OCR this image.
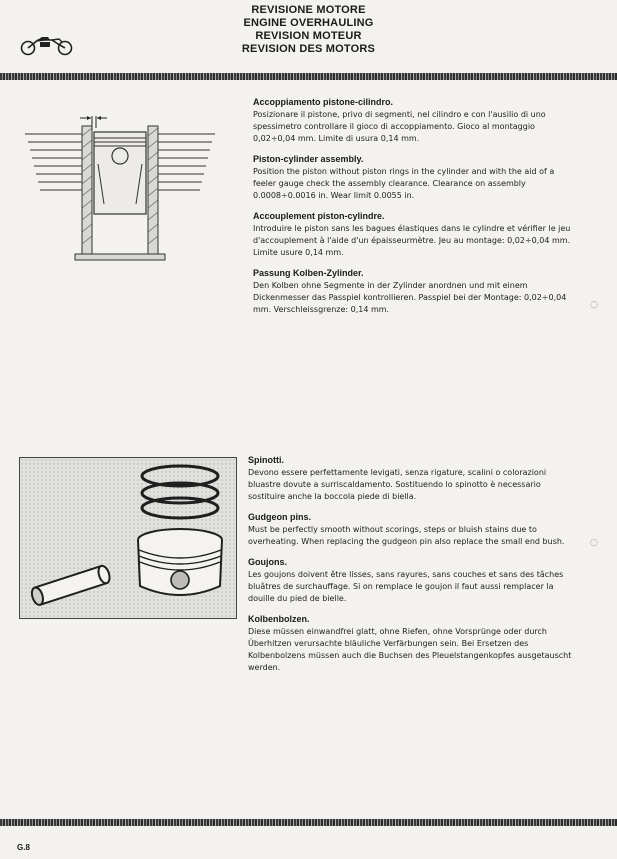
REVISIONE MOTORE
ENGINE OVERHAULING
REVISION MOTEUR
REVISION DES MOTORS
Accoppiamento pistone-cilindro.
Posizionare il pistone, privo di segmenti, nel cilindro e con l'ausilio di uno spessimetro controllare il gioco di accoppiamento. Gioco al montaggio 0,02÷0,04 mm. Limite di usura 0,14 mm.
Piston-cylinder assembly.
Position the piston without piston rings in the cylinder and with the aid of a feeler gauge check the assembly clearance. Clearance on assembly 0.0008÷0.0016 in. Wear limit 0.0055 in.
Accouplement piston-cylindre.
Introduire le piston sans les bagues élastiques dans le cylindre et vérifier le jeu d'accouplement à l'aide d'un épaisseurmètre. Jeu au montage: 0,02÷0,04 mm. Limite usure 0,14 mm.
Passung Kolben-Zylinder.
Den Kolben ohne Segmente in der Zylinder anordnen und mit einem Dickenmesser das Passpiel kontrollieren. Passpiel bei der Montage: 0,02÷0,04 mm. Verschleissgrenze: 0,14 mm.
Spinotti.
Devono essere perfettamente levigati, senza rigature, scalini o colorazioni bluastre dovute a surriscaldamento. Sostituendo lo spinotto è necessario sostituire anche la boccola piede di biella.
Gudgeon pins.
Must be perfectly smooth without scorings, steps or bluish stains due to overheating. When replacing the gudgeon pin also replace the small end bush.
Goujons.
Les goujons doivent être lisses, sans rayures, sans couches et sans des tâches bluâtres de surchauffage. Si on remplace le goujon il faut aussi remplacer la douille du pied de bielle.
Kolbenbolzen.
Diese müssen einwandfrei glatt, ohne Riefen, ohne Vorsprünge oder durch Überhitzen verursachte bläuliche Verfärbungen sein. Bei Ersetzen des Kolbenbolzens müssen auch die Buchsen des Pleuelstangenkopfes ausgetauscht werden.
◌
◌
G.8
